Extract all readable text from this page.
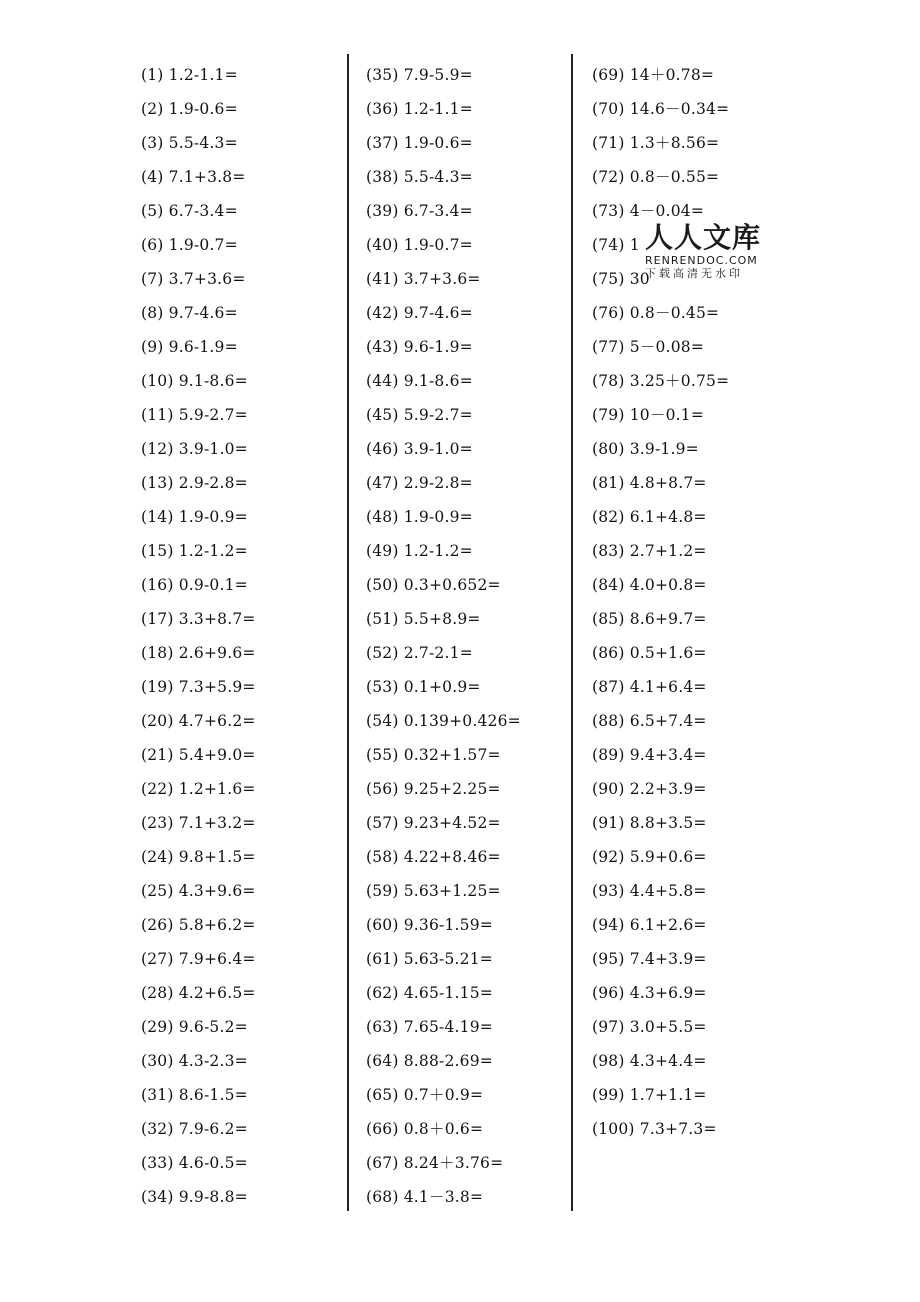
(1) 1.2-1.1=
(2) 1.9-0.6=
(3) 5.5-4.3=
(4) 7.1+3.8=
(5) 6.7-3.4=
(6) 1.9-0.7=
(7) 3.7+3.6=
(8) 9.7-4.6=
(9) 9.6-1.9=
(10) 9.1-8.6=
(11) 5.9-2.7=
(12) 3.9-1.0=
(13) 2.9-2.8=
(14) 1.9-0.9=
(15) 1.2-1.2=
(16) 0.9-0.1=
(17) 3.3+8.7=
(18) 2.6+9.6=
(19) 7.3+5.9=
(20) 4.7+6.2=
(21) 5.4+9.0=
(22) 1.2+1.6=
(23) 7.1+3.2=
(24) 9.8+1.5=
(25) 4.3+9.6=
(26) 5.8+6.2=
(27) 7.9+6.4=
(28) 4.2+6.5=
(29) 9.6-5.2=
(30) 4.3-2.3=
(31) 8.6-1.5=
(32) 7.9-6.2=
(33) 4.6-0.5=
(34) 9.9-8.8=
(35) 7.9-5.9=
(36) 1.2-1.1=
(37) 1.9-0.6=
(38) 5.5-4.3=
(39) 6.7-3.4=
(40) 1.9-0.7=
(41) 3.7+3.6=
(42) 9.7-4.6=
(43) 9.6-1.9=
(44) 9.1-8.6=
(45) 5.9-2.7=
(46) 3.9-1.0=
(47) 2.9-2.8=
(48) 1.9-0.9=
(49) 1.2-1.2=
(50) 0.3+0.652=
(51) 5.5+8.9=
(52) 2.7-2.1=
(53) 0.1+0.9=
(54) 0.139+0.426=
(55) 0.32+1.57=
(56) 9.25+2.25=
(57) 9.23+4.52=
(58) 4.22+8.46=
(59) 5.63+1.25=
(60) 9.36-1.59=
(61) 5.63-5.21=
(62) 4.65-1.15=
(63) 7.65-4.19=
(64) 8.88-2.69=
(65) 0.7＋0.9=
(66) 0.8＋0.6=
(67) 8.24＋3.76=
(68) 4.1－3.8=
(69) 14＋0.78=
(70) 14.6－0.34=
(71) 1.3＋8.56=
(72) 0.8－0.55=
(73) 4－0.04=
(74) 1
(75) 30
(76) 0.8－0.45=
(77) 5－0.08=
(78) 3.25＋0.75=
(79) 10－0.1=
(80) 3.9-1.9=
(81) 4.8+8.7=
(82) 6.1+4.8=
(83) 2.7+1.2=
(84) 4.0+0.8=
(85) 8.6+9.7=
(86) 0.5+1.6=
(87) 4.1+6.4=
(88) 6.5+7.4=
(89) 9.4+3.4=
(90) 2.2+3.9=
(91) 8.8+3.5=
(92) 5.9+0.6=
(93) 4.4+5.8=
(94) 6.1+2.6=
(95) 7.4+3.9=
(96) 4.3+6.9=
(97) 3.0+5.5=
(98) 4.3+4.4=
(99) 1.7+1.1=
(100) 7.3+7.3=
人人文库
RENRENDOC.COM
下载高清无水印
